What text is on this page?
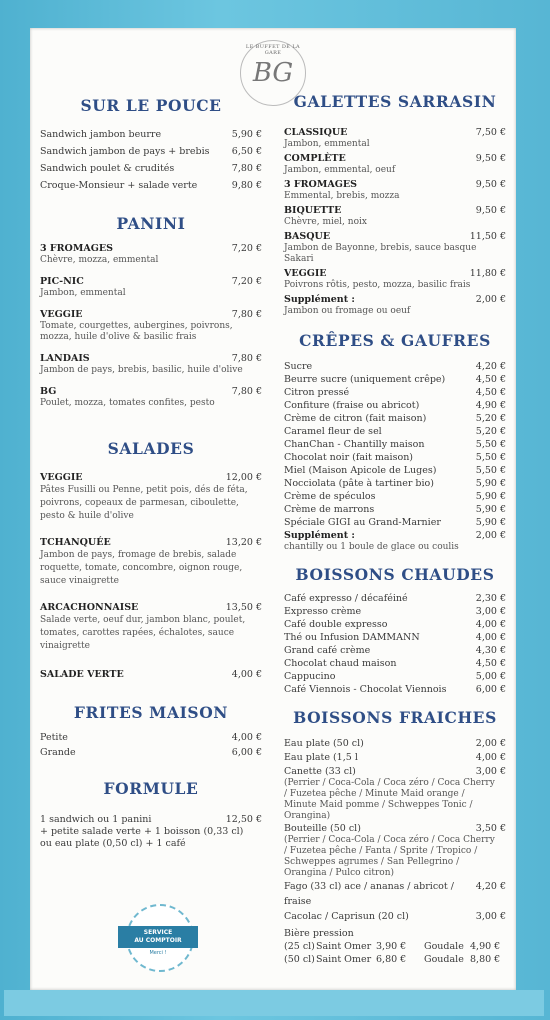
LE BUFFET DE LA GARE
BG
SUR LE POUCE
Sandwich jambon beurre	5,90 €
Sandwich jambon de pays + brebis	6,50 €
Sandwich poulet & crudités	7,80 €
Croque-Monsieur + salade verte	9,80 €
PANINI
3 FROMAGES	7,20 €
Chèvre, mozza, emmental
PIC-NIC	7,20 €
Jambon, emmental
VEGGIE	7,80 €
Tomate, courgettes, aubergines, poivrons, mozza, huile d'olive & basilic frais
LANDAIS	7,80 €
Jambon de pays, brebis, basilic, huile d'olive
BG	7,80 €
Poulet, mozza, tomates confites, pesto
SALADES
VEGGIE	12,00 €
Pâtes Fusilli ou Penne, petit pois, dés de féta, poivrons, copeaux de parmesan, ciboulette, pesto & huile d'olive
TCHANQUÉE	13,20 €
Jambon de pays, fromage de brebis, salade roquette, tomate, concombre, oignon rouge, sauce vinaigrette
ARCACHONNAISE	13,50 €
Salade verte, oeuf dur, jambon blanc, poulet, tomates, carottes rapées, échalotes, sauce vinaigrette
SALADE VERTE	4,00 €
FRITES MAISON
Petite	4,00 €
Grande	6,00 €
FORMULE
1 sandwich ou 1 panini	12,50 €
+ petite salade verte + 1 boisson (0,33 cl)
ou eau plate (0,50 cl) + 1 café
SERVICE
AU COMPTOIR
Merci !
GALETTES SARRASIN
CLASSIQUE	7,50 €
Jambon, emmental
COMPLÈTE	9,50 €
Jambon, emmental, oeuf
3 FROMAGES	9,50 €
Emmental, brebis, mozza
BIQUETTE	9,50 €
Chèvre, miel, noix
BASQUE	11,50 €
Jambon de Bayonne, brebis, sauce basque Sakari
VEGGIE	11,80 €
Poivrons rôtis, pesto, mozza, basilic frais
Supplément :	2,00 €
Jambon ou fromage ou oeuf
CRÊPES & GAUFRES
Sucre	4,20 €
Beurre sucre (uniquement crêpe)	4,50 €
Citron pressé	4,50 €
Confiture (fraise ou abricot)	4,90 €
Crème de citron (fait maison)	5,20 €
Caramel fleur de sel	5,20 €
ChanChan - Chantilly maison	5,50 €
Chocolat noir (fait maison)	5,50 €
Miel (Maison Apicole de Luges)	5,50 €
Nocciolata (pâte à tartiner bio)	5,90 €
Crème de spéculos	5,90 €
Crème de marrons	5,90 €
Spéciale GIGI au Grand-Marnier	5,90 €
Supplément :	2,00 €
chantilly ou 1 boule de glace ou coulis
BOISSONS CHAUDES
Café expresso / décaféiné	2,30 €
Expresso crème	3,00 €
Café double expresso	4,00 €
Thé ou Infusion DAMMANN	4,00 €
Grand café crème	4,30 €
Chocolat chaud maison	4,50 €
Cappucino	5,00 €
Café Viennois - Chocolat Viennois	6,00 €
BOISSONS FRAICHES
Eau plate (50 cl)	2,00 €
Eau plate (1,5 l	4,00 €
Canette (33 cl)	3,00 €
(Perrier / Coca-Cola / Coca zéro / Coca Cherry / Fuzetea pêche / Minute Maid orange / Minute Maid pomme / Schweppes Tonic / Orangina)
Bouteille (50 cl)	3,50 €
(Perrier / Coca-Cola / Coca zéro / Coca Cherry / Fuzetea pêche / Fanta / Sprite / Tropico / Schweppes agrumes / San Pellegrino / Orangina / Pulco citron)
Fago (33 cl) ace / ananas / abricot / fraise
4,20 €
Cacolac / Caprisun (20 cl)	3,00 €
Bière pression
(25 cl) Saint Omer 3,90 € Goudale 4,90 €
(50 cl) Saint Omer 6,80 € Goudale 8,80 €
